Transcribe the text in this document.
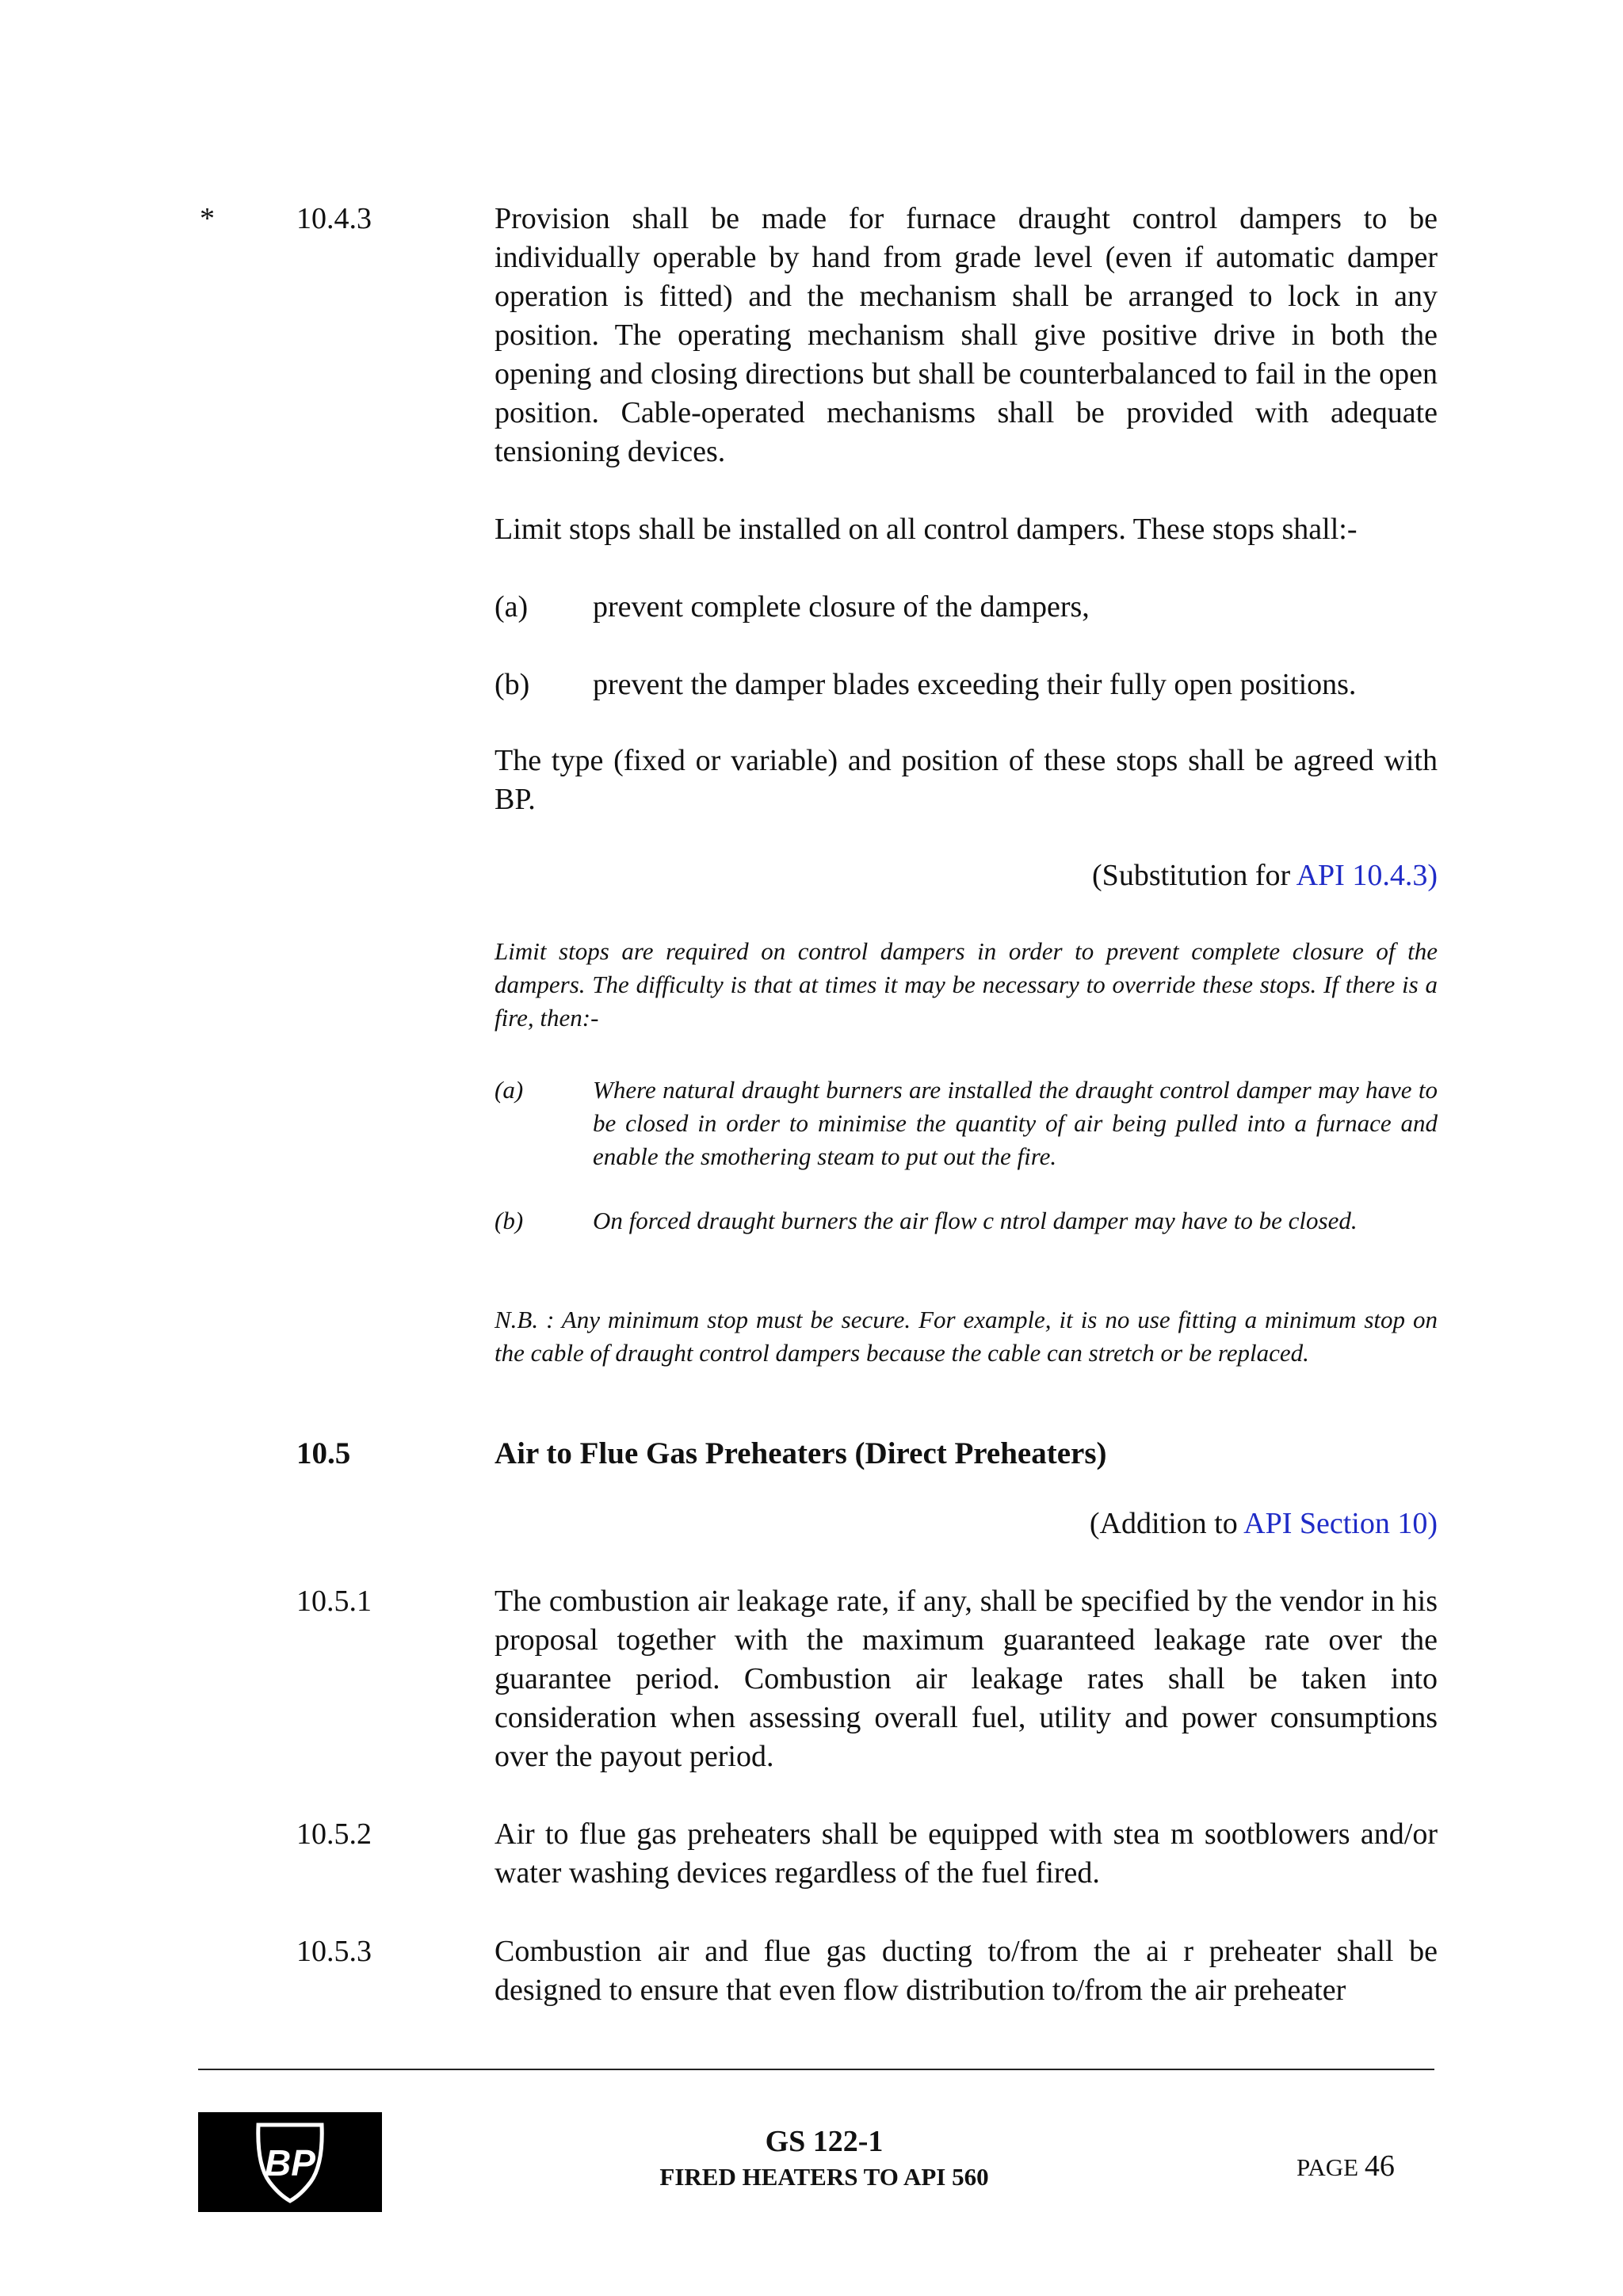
*	10.4.3	Provision shall be made for furnace draught control dampers to be individually operable by hand from grade level (even if automatic damper operation is fitted) and the mechanism shall be arranged to lock in any position. The operating mechanism shall give positive drive in both the opening and closing directions but shall be counterbalanced to fail in the open position. Cable-operated mechanisms shall be provided with adequate tensioning devices.
Limit stops shall be installed on all control dampers. These stops shall:-
(a) prevent complete closure of the dampers,
(b) prevent the damper blades exceeding their fully open positions.
The type (fixed or variable) and position of these stops shall be agreed with BP.
(Substitution for API 10.4.3)
Limit stops are required on control dampers in order to prevent complete closure of the dampers. The difficulty is that at times it may be necessary to override these stops. If there is a fire, then:-
(a)	Where natural draught burners are installed the draught control damper may have to be closed in order to minimise the quantity of air being pulled into a furnace and enable the smothering steam to put out the fire.
(b)	On forced draught burners the air flow c ntrol damper may have to be closed.
N.B. : Any minimum stop must be secure. For example, it is no use fitting a minimum stop on the cable of draught control dampers because the cable can stretch or be replaced.
10.5	Air to Flue Gas Preheaters (Direct Preheaters)
(Addition to API Section 10)
10.5.1	The combustion air leakage rate, if any, shall be specified by the vendor in his proposal together with the maximum guaranteed leakage rate over the guarantee period. Combustion air leakage rates shall be taken into consideration when assessing overall fuel, utility and power consumptions over the payout period.
10.5.2	Air to flue gas preheaters shall be equipped with stea m sootblowers and/or water washing devices regardless of the fuel fired.
10.5.3	Combustion air and flue gas ducting to/from the ai r preheater shall be designed to ensure that even flow distribution to/from the air preheater
BP
GS 122-1
FIRED HEATERS TO API 560	PAGE 46
